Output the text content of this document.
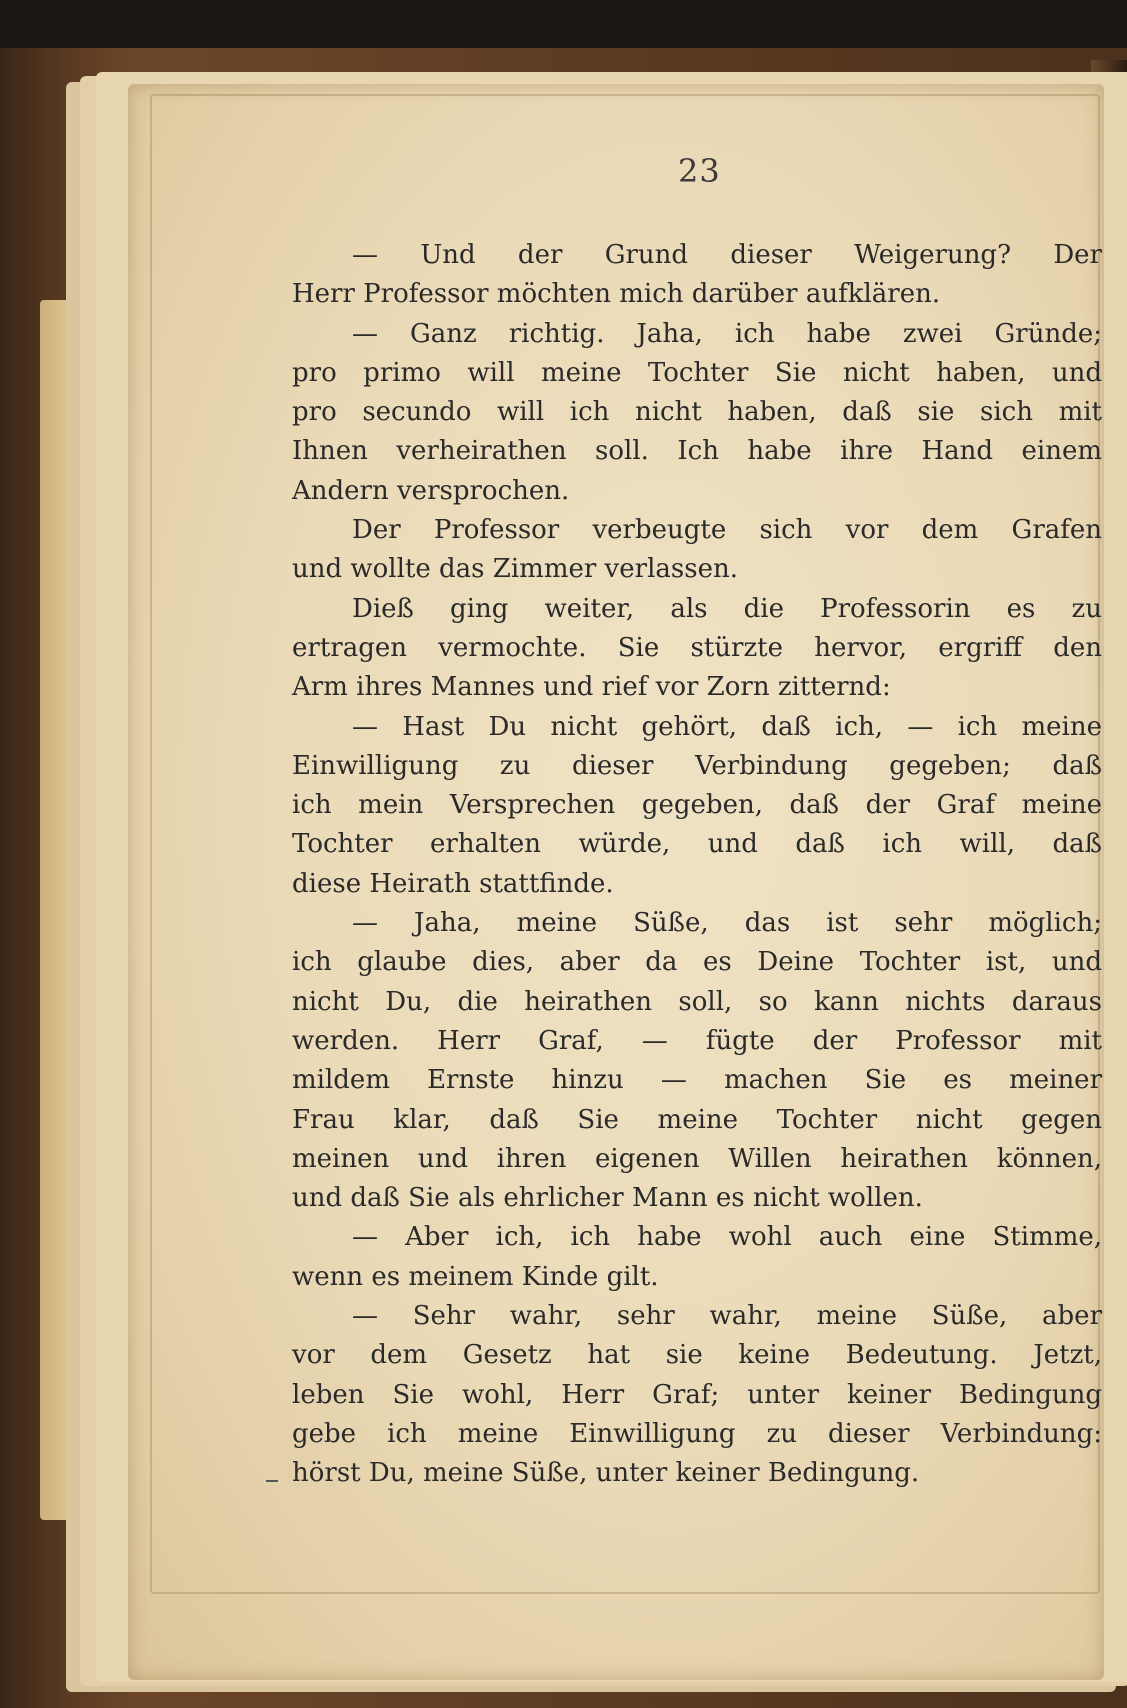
23
— Und der Grund dieser Weigerung? Der
Herr Professor möchten mich darüber aufklären.
— Ganz richtig. Jaha, ich habe zwei Gründe;
pro primo will meine Tochter Sie nicht haben, und
pro secundo will ich nicht haben, daß sie sich mit
Ihnen verheirathen soll. Ich habe ihre Hand einem
Andern versprochen.
Der Professor verbeugte sich vor dem Grafen
und wollte das Zimmer verlassen.
Dieß ging weiter, als die Professorin es zu
ertragen vermochte. Sie stürzte hervor, ergriff den
Arm ihres Mannes und rief vor Zorn zitternd:
— Hast Du nicht gehört, daß ich, — ich meine
Einwilligung zu dieser Verbindung gegeben; daß
ich mein Versprechen gegeben, daß der Graf meine
Tochter erhalten würde, und daß ich will, daß
diese Heirath stattfinde.
— Jaha, meine Süße, das ist sehr möglich;
ich glaube dies, aber da es Deine Tochter ist, und
nicht Du, die heirathen soll, so kann nichts daraus
werden. Herr Graf, — fügte der Professor mit
mildem Ernste hinzu — machen Sie es meiner
Frau klar, daß Sie meine Tochter nicht gegen
meinen und ihren eigenen Willen heirathen können,
und daß Sie als ehrlicher Mann es nicht wollen.
— Aber ich, ich habe wohl auch eine Stimme,
wenn es meinem Kinde gilt.
— Sehr wahr, sehr wahr, meine Süße, aber
vor dem Gesetz hat sie keine Bedeutung. Jetzt,
leben Sie wohl, Herr Graf; unter keiner Bedingung
gebe ich meine Einwilligung zu dieser Verbindung:
hörst Du, meine Süße, unter keiner Bedingung.
